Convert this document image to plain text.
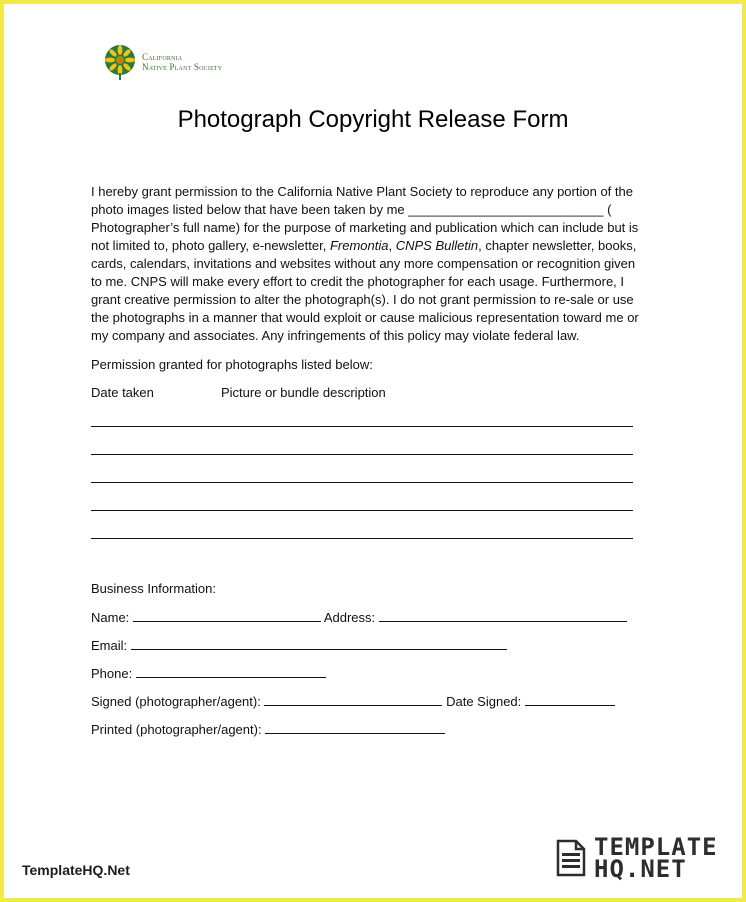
California
Native Plant Society
Photograph Copyright Release Form
I hereby grant permission to the California Native Plant Society to reproduce any portion of the
photo images listed below that have been taken by me ___________________________ (
Photographer’s full name) for the purpose of marketing and publication which can include but is
not limited to, photo gallery, e-newsletter, Fremontia, CNPS Bulletin, chapter newsletter, books,
cards, calendars, invitations and websites without any more compensation or recognition given
to me. CNPS will make every effort to credit the photographer for each usage. Furthermore, I
grant creative permission to alter the photograph(s). I do not grant permission to re-sale or use
the photographs in a manner that would exploit or cause malicious representation toward me or
my company and associates. Any infringements of this policy may violate federal law.
Permission granted for photographs listed below:
Date taken	Picture or bundle description
Business Information:
Name:	Address:
Email:
Phone:
Signed (photographer/agent):	Date Signed:
Printed (photographer/agent):
TemplateHQ.Net
TEMPLATE
HQ.NET
